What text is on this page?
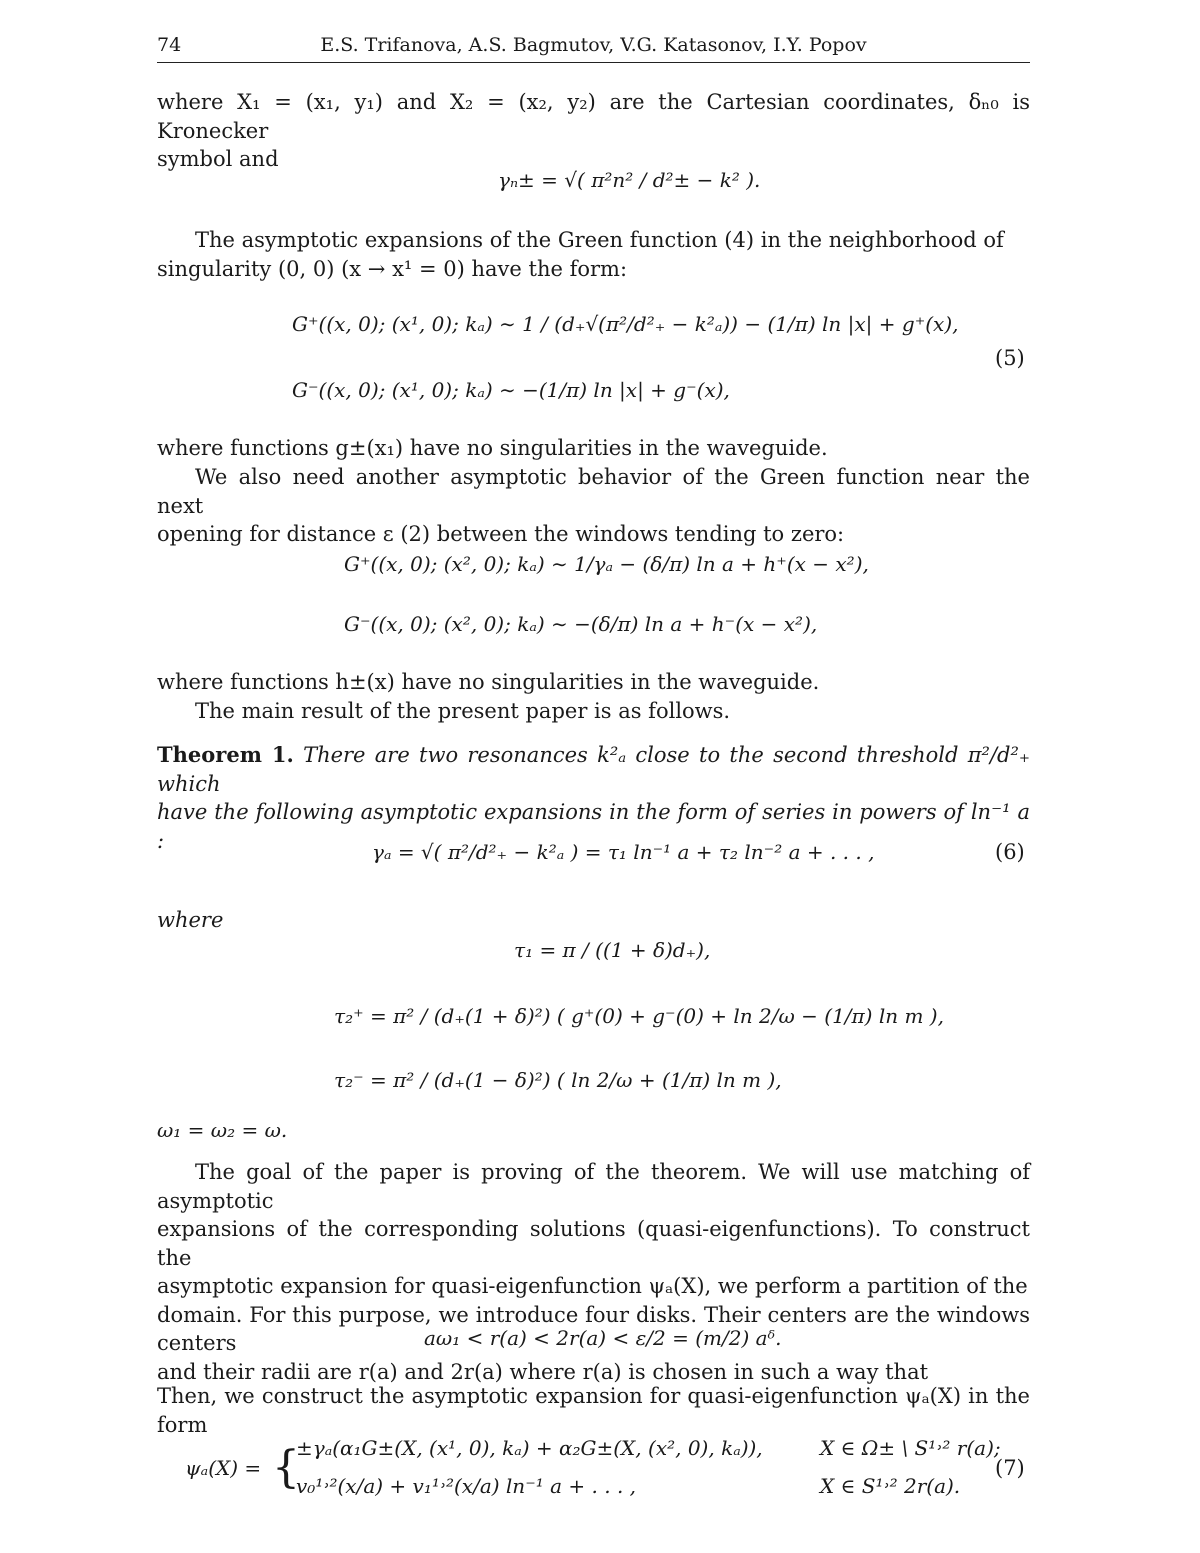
74	E.S. Trifanova, A.S. Bagmutov, V.G. Katasonov, I.Y. Popov
where X₁ = (x₁, y₁) and X₂ = (x₂, y₂) are the Cartesian coordinates, δₙ₀ is Kronecker
symbol and
γₙ± = √( π²n² / d²± − k² ).
The asymptotic expansions of the Green function (4) in the neighborhood of
singularity (0, 0) (x → x¹ = 0) have the form:
G⁺((x, 0); (x¹, 0); kₐ) ∼ 1 / (d₊√(π²/d²₊ − k²ₐ)) − (1/π) ln |x| + g⁺(x),
G⁻((x, 0); (x¹, 0); kₐ) ∼ −(1/π) ln |x| + g⁻(x),
(5)
where functions g±(x₁) have no singularities in the waveguide.
We also need another asymptotic behavior of the Green function near the next
opening for distance ε (2) between the windows tending to zero:
G⁺((x, 0); (x², 0); kₐ) ∼ 1/γₐ − (δ/π) ln a + h⁺(x − x²),
G⁻((x, 0); (x², 0); kₐ) ∼ −(δ/π) ln a + h⁻(x − x²),
where functions h±(x) have no singularities in the waveguide.
The main result of the present paper is as follows.
Theorem 1. There are two resonances k²ₐ close to the second threshold π²/d²₊ which
have the following asymptotic expansions in the form of series in powers of ln⁻¹ a :	γₐ = √( π²/d²₊ − k²ₐ ) = τ₁ ln⁻¹ a + τ₂ ln⁻² a + . . . ,	(6)
where
τ₁ = π / ((1 + δ)d₊),
τ₂⁺ = π² / (d₊(1 + δ)²) ( g⁺(0) + g⁻(0) + ln 2/ω − (1/π) ln m ),
τ₂⁻ = π² / (d₊(1 − δ)²) ( ln 2/ω + (1/π) ln m ),
ω₁ = ω₂ = ω.
The goal of the paper is proving of the theorem. We will use matching of asymptotic
expansions of the corresponding solutions (quasi-eigenfunctions). To construct the
asymptotic expansion for quasi-eigenfunction ψₐ(X), we perform a partition of the
domain. For this purpose, we introduce four disks. Their centers are the windows centers
and their radii are r(a) and 2r(a) where r(a) is chosen in such a way that
aω₁ < r(a) < 2r(a) < ε/2 = (m/2) aᵟ.
Then, we construct the asymptotic expansion for quasi-eigenfunction ψₐ(X) in the form
ψₐ(X) = {
±γₐ(α₁G±(X, (x¹, 0), kₐ) + α₂G±(X, (x², 0), kₐ)),	X ∈ Ω± \ S¹˒² r(a);
v₀¹˒²(x/a) + v₁¹˒²(x/a) ln⁻¹ a + . . . ,	X ∈ S¹˒² 2r(a).
(7)
